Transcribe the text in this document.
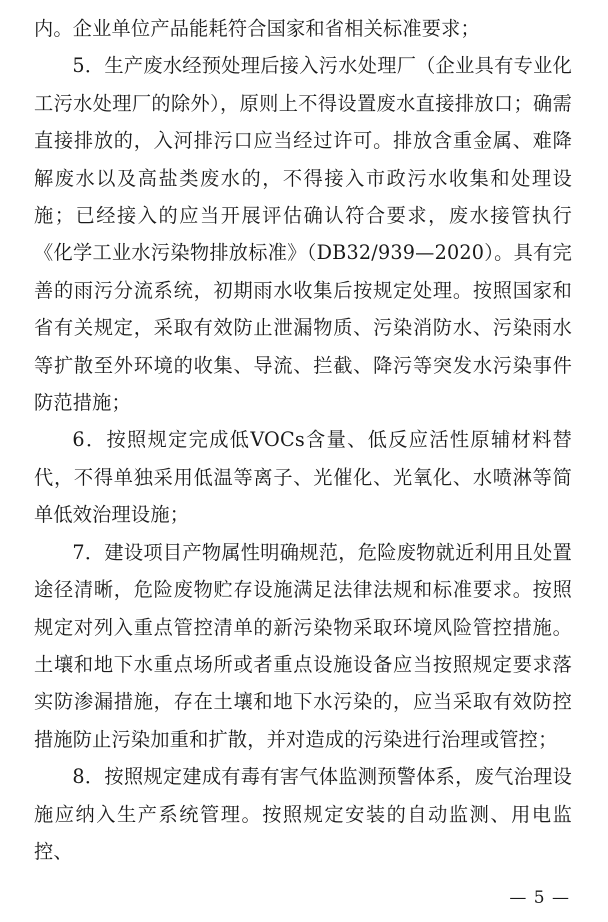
内。企业单位产品能耗符合国家和省相关标准要求；

5．生产废水经预处理后接入污水处理厂（企业具有专业化工污水处理厂的除外），原则上不得设置废水直接排放口；确需直接排放的，入河排污口应当经过许可。排放含重金属、难降解废水以及高盐类废水的，不得接入市政污水收集和处理设施；已经接入的应当开展评估确认符合要求，废水接管执行《化学工业水污染物排放标准》（DB32/939—2020）。具有完善的雨污分流系统，初期雨水收集后按规定处理。按照国家和省有关规定，采取有效防止泄漏物质、污染消防水、污染雨水等扩散至外环境的收集、导流、拦截、降污等突发水污染事件防范措施；

6．按照规定完成低VOCs含量、低反应活性原辅材料替代，不得单独采用低温等离子、光催化、光氧化、水喷淋等简单低效治理设施；

7．建设项目产物属性明确规范，危险废物就近利用且处置途径清晰，危险废物贮存设施满足法律法规和标准要求。按照规定对列入重点管控清单的新污染物采取环境风险管控措施。土壤和地下水重点场所或者重点设施设备应当按照规定要求落实防渗漏措施，存在土壤和地下水污染的，应当采取有效防控措施防止污染加重和扩散，并对造成的污染进行治理或管控；

8．按照规定建成有毒有害气体监测预警体系，废气治理设施应纳入生产系统管理。按照规定安装的自动监测、用电监控、

— 5 —
